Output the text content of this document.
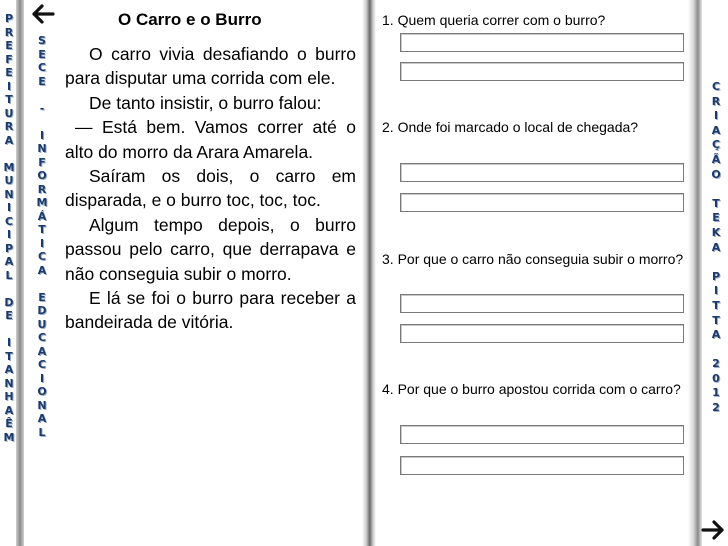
P
R
E
F
E
I
T
U
R
A

M
U
N
I
C
I
P
A
L

D
E

I
T
A
N
H
A
Ê
M
S
E
C
E

-

I
N
F
O
R
M
Á
T
I
C
A

E
D
U
C
A
C
I
O
N
A
L
C
R
I
A
Ç
Ã
O

T
E
K
A

P
I
T
T
A

2
0
1
2
O Carro e o Burro

O carro vivia desafiando o burro para disputar uma corrida com ele.

De tanto insistir, o burro falou:

— Está bem. Vamos correr até o alto do morro da Arara Amarela.

Saíram os dois, o carro em disparada, e o burro toc, toc, toc.

Algum tempo depois, o burro passou pelo carro, que derrapava e não conseguia subir o morro.

E lá se foi o burro para receber a bandeirada de vitória.

1. Quem queria correr com o burro?
2. Onde foi marcado o local de chegada?
3. Por que o carro não conseguia subir o morro?
4. Por que o burro apostou corrida com o carro?
